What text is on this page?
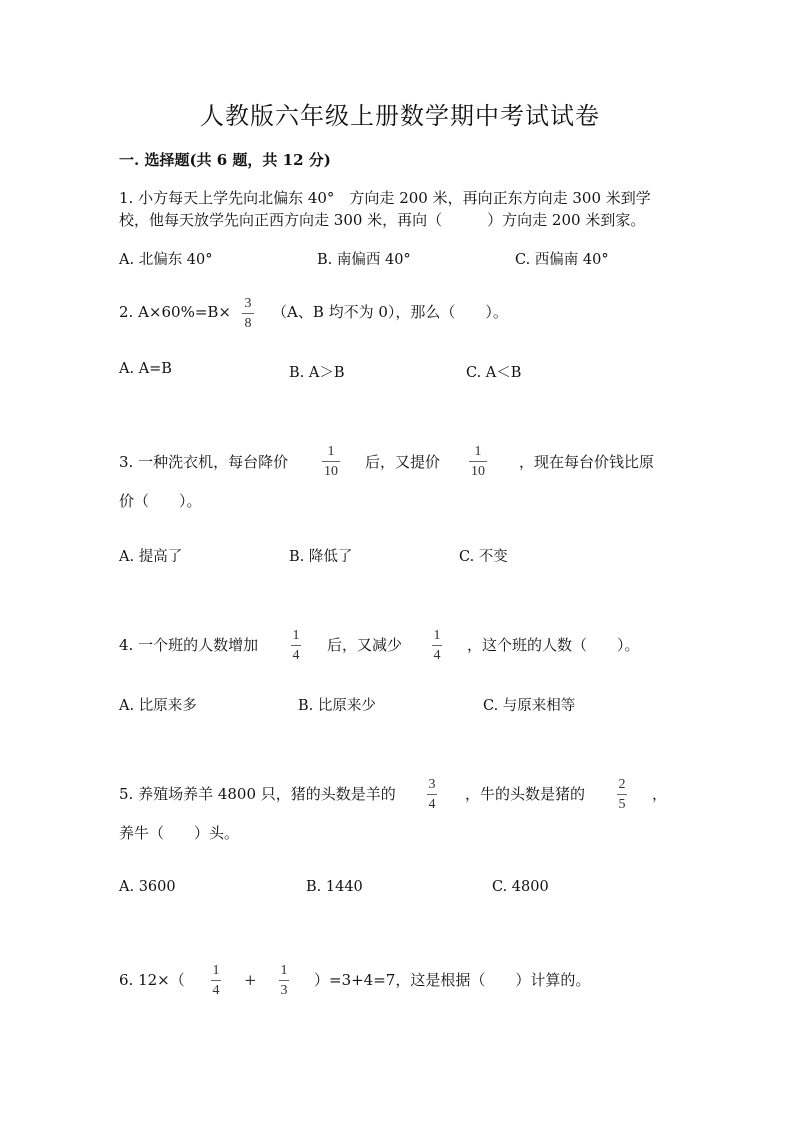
人教版六年级上册数学期中考试试卷
一. 选择题(共 6 题，共 12 分)
1. 小方每天上学先向北偏东 40°　方向走 200 米，再向正东方向走 300 米到学
校，他每天放学先向正西方向走 300 米，再向（　　　）方向走 200 米到家。
A. 北偏东 40°	B. 南偏西 40°	C. 西偏南 40°
2. A×60%=B× 3
8
（A、B 均不为 0），那么（　　）。
A. A=B	B. A＞B	C. A＜B
3. 一种洗衣机，每台降价
1
10
后，又提价
1
10
，现在每台价钱比原
价（　　）。
A. 提高了	B. 降低了	C. 不变
4. 一个班的人数增加
1
4
后，又减少
1
4
，这个班的人数（　　）。
A. 比原来多	B. 比原来少	C. 与原来相等
5. 养殖场养羊 4800 只，猪的头数是羊的
3
4
，牛的头数是猪的
2
5
，
养牛（　　）头。
A. 3600	B. 1440	C. 4800
6. 12×（
1
4
+
1
3
）=3+4=7，这是根据（　　）计算的。
